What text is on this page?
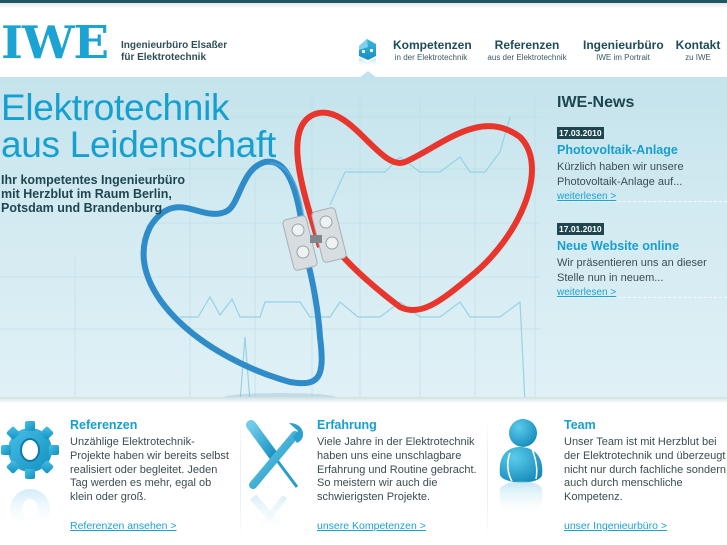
IWE Ingenieurbüro Elsaßer
für Elektrotechnik
Kompetenzen
in der Elektrotechnik
Referenzen
aus der Elektrotechnik
Ingenieurbüro
IWE im Portrait
Kontakt
zu IWE
Elektrotechnik
aus Leidenschaft
Ihr kompetentes Ingenieurbüro
mit Herzblut im Raum Berlin,
Potsdam und Brandenburg
IWE-News
17.03.2010
Photovoltaik-Anlage
Kürzlich haben wir unsere Photovoltaik-Anlage auf...
weiterlesen >
17.01.2010
Neue Website online
Wir präsentieren uns an dieser Stelle nun in neuem...
weiterlesen >
Referenzen
Unzählige Elektrotechnik-Projekte haben wir bereits selbst realisiert oder begleitet. Jeden Tag werden es mehr, egal ob klein oder groß.
Referenzen ansehen >
Erfahrung
Viele Jahre in der Elektrotechnik haben uns eine unschlagbare Erfahrung und Routine gebracht. So meistern wir auch die schwierigsten Projekte.
unsere Kompetenzen >
Team
Unser Team ist mit Herzblut bei der Elektrotechnik und überzeugt nicht nur durch fachliche sondern auch durch menschliche Kompetenz.
unser Ingenieurbüro >
